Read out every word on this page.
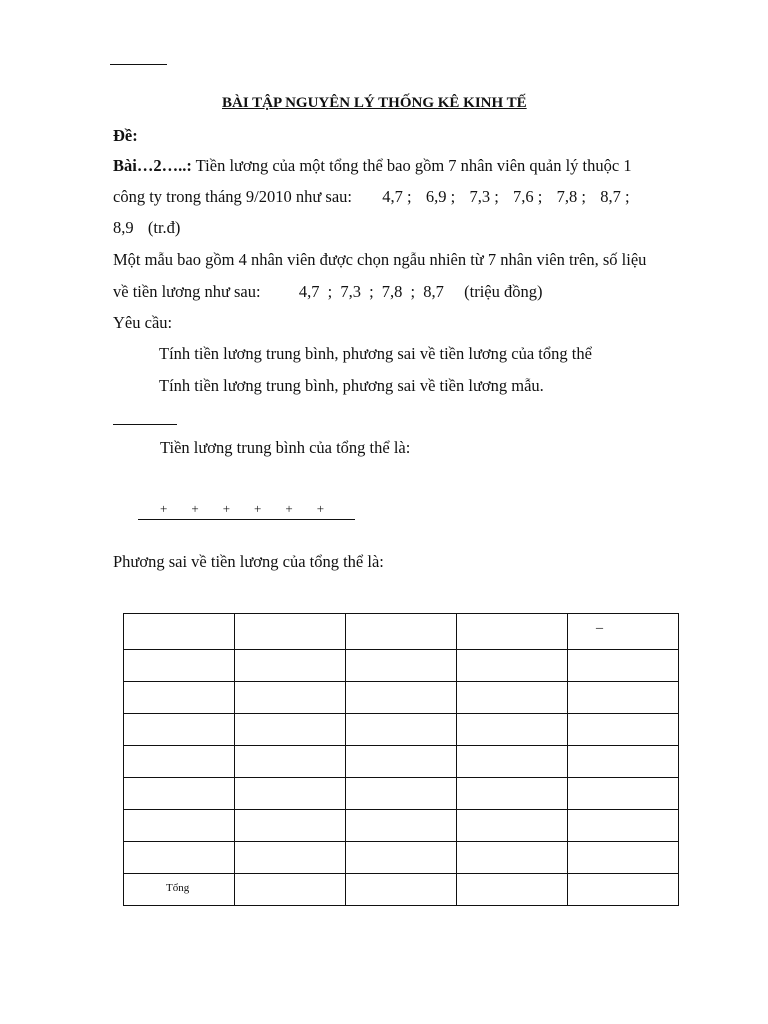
BÀI TẬP NGUYÊN LÝ THỐNG KÊ KINH TẾ
Đề:
Bài…2…..: Tiền lương của một tổng thể bao gồm 7 nhân viên quản lý thuộc 1
công ty trong tháng 9/2010 như sau: 4,7 ;  6,9 ;  7,3 ;  7,6 ;  7,8 ;  8,7 ;
8,9 (tr.đ)
Một mẫu bao gồm 4 nhân viên được chọn ngẫu nhiên từ 7 nhân viên trên, số liệu
về tiền lương như sau: 4,7 ; 7,3 ; 7,8 ; 8,7 (triệu đồng)
Yêu cầu:
Tính tiền lương trung bình, phương sai về tiền lương của tổng thể
Tính tiền lương trung bình, phương sai về tiền lương mẫu.
Tiền lương trung bình của tổng thể là:
+ + + + + +
Phương sai về tiền lương của tổng thể là:

				_

Tổng				
